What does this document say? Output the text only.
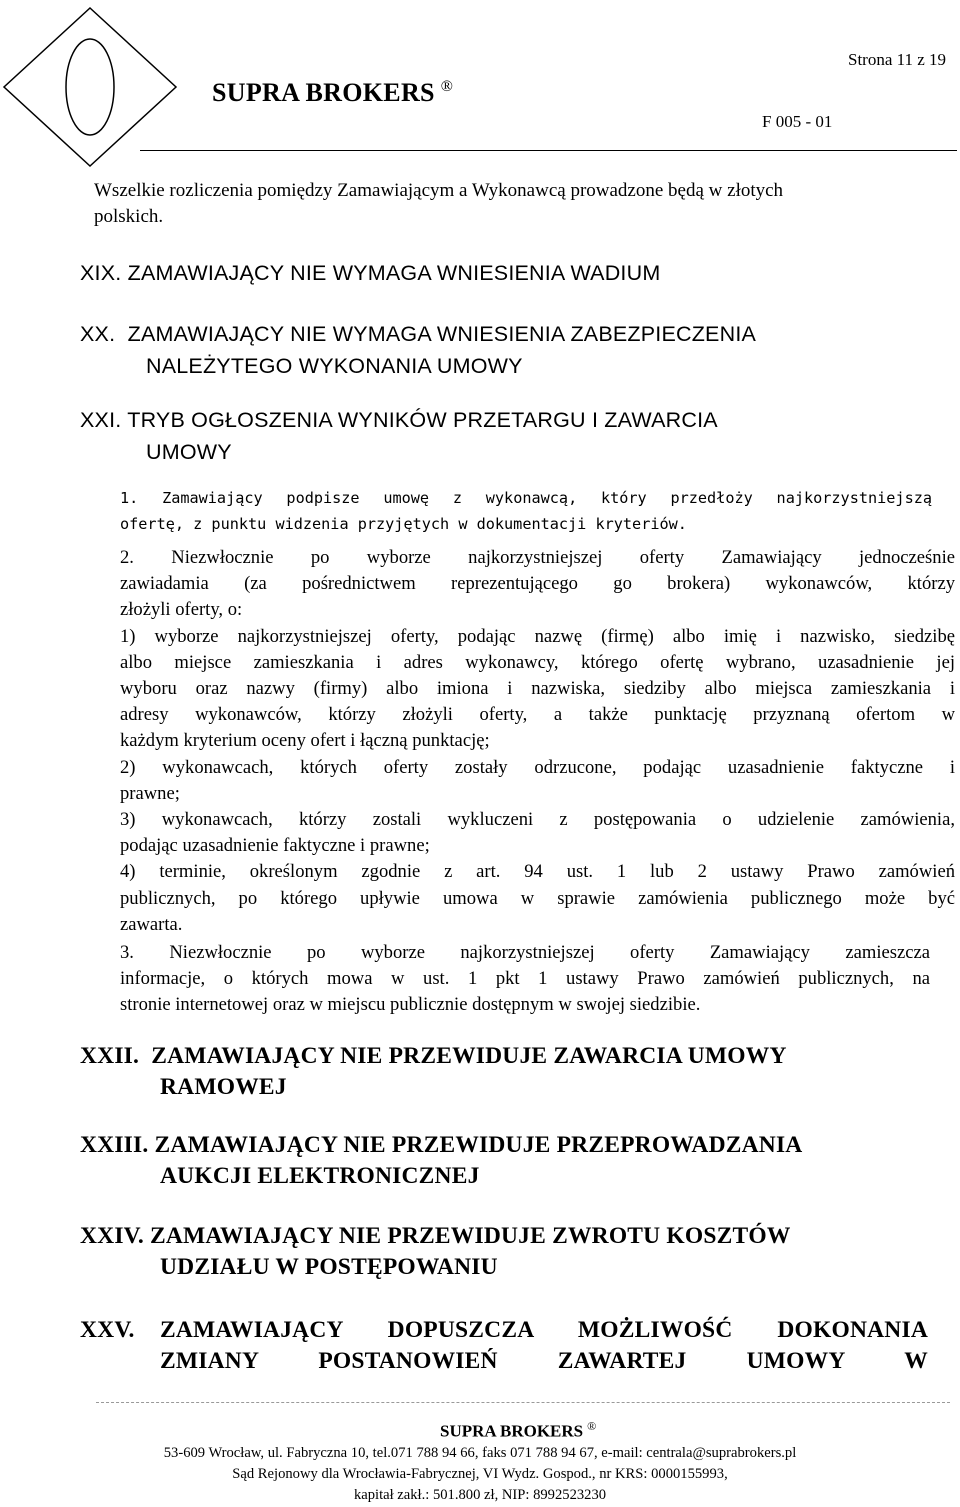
SUPRA BROKERS ®
Strona 11 z 19
F 005 - 01
Wszelkie rozliczenia pomiędzy Zamawiającym a Wykonawcą prowadzone będą w złotych
polskich.
XIX. ZAMAWIAJĄCY NIE WYMAGA WNIESIENIA WADIUM
XX. ZAMAWIAJĄCY NIE WYMAGA WNIESIENIA ZABEZPIECZENIA
NALEŻYTEGO WYKONANIA UMOWY
XXI. TRYB OGŁOSZENIA WYNIKÓW PRZETARGU I ZAWARCIA
UMOWY
1. Zamawiający podpisze umowę z wykonawcą, który przedłoży najkorzystniejszą
ofertę, z punktu widzenia przyjętych w dokumentacji kryteriów.
2. Niezwłocznie po wyborze najkorzystniejszej oferty Zamawiający jednocześnie
zawiadamia (za pośrednictwem reprezentującego go brokera) wykonawców, którzy
złożyli oferty, o:
1) wyborze najkorzystniejszej oferty, podając nazwę (firmę) albo imię i nazwisko, siedzibę
albo miejsce zamieszkania i adres wykonawcy, którego ofertę wybrano, uzasadnienie jej
wyboru oraz nazwy (firmy) albo imiona i nazwiska, siedziby albo miejsca zamieszkania i
adresy wykonawców, którzy złożyli oferty, a także punktację przyznaną ofertom w
każdym kryterium oceny ofert i łączną punktację;
2) wykonawcach, których oferty zostały odrzucone, podając uzasadnienie faktyczne i
prawne;
3) wykonawcach, którzy zostali wykluczeni z postępowania o udzielenie zamówienia,
podając uzasadnienie faktyczne i prawne;
4) terminie, określonym zgodnie z art. 94 ust. 1 lub 2 ustawy Prawo zamówień
publicznych, po którego upływie umowa w sprawie zamówienia publicznego może być
zawarta.
3. Niezwłocznie po wyborze najkorzystniejszej oferty Zamawiający zamieszcza
informacje, o których mowa w ust. 1 pkt 1 ustawy Prawo zamówień publicznych, na
stronie internetowej oraz w miejscu publicznie dostępnym w swojej siedzibie.
XXII. ZAMAWIAJĄCY NIE PRZEWIDUJE ZAWARCIA UMOWY
RAMOWEJ
XXIII. ZAMAWIAJĄCY NIE PRZEWIDUJE PRZEPROWADZANIA
AUKCJI ELEKTRONICZNEJ
XXIV. ZAMAWIAJĄCY NIE PRZEWIDUJE ZWROTU KOSZTÓW
UDZIAŁU W POSTĘPOWANIU
XXV. ZAMAWIAJĄCY DOPUSZCZA MOŻLIWOŚĆ DOKONANIA
ZMIANY POSTANOWIEŃ ZAWARTEJ UMOWY W
SUPRA BROKERS ®
53-609 Wrocław, ul. Fabryczna 10, tel.071 788 94 66, faks 071 788 94 67, e-mail: centrala@suprabrokers.pl
Sąd Rejonowy dla Wrocławia-Fabrycznej, VI Wydz. Gospod., nr KRS: 0000155993,
kapitał zakł.: 501.800 zł, NIP: 8992523230
